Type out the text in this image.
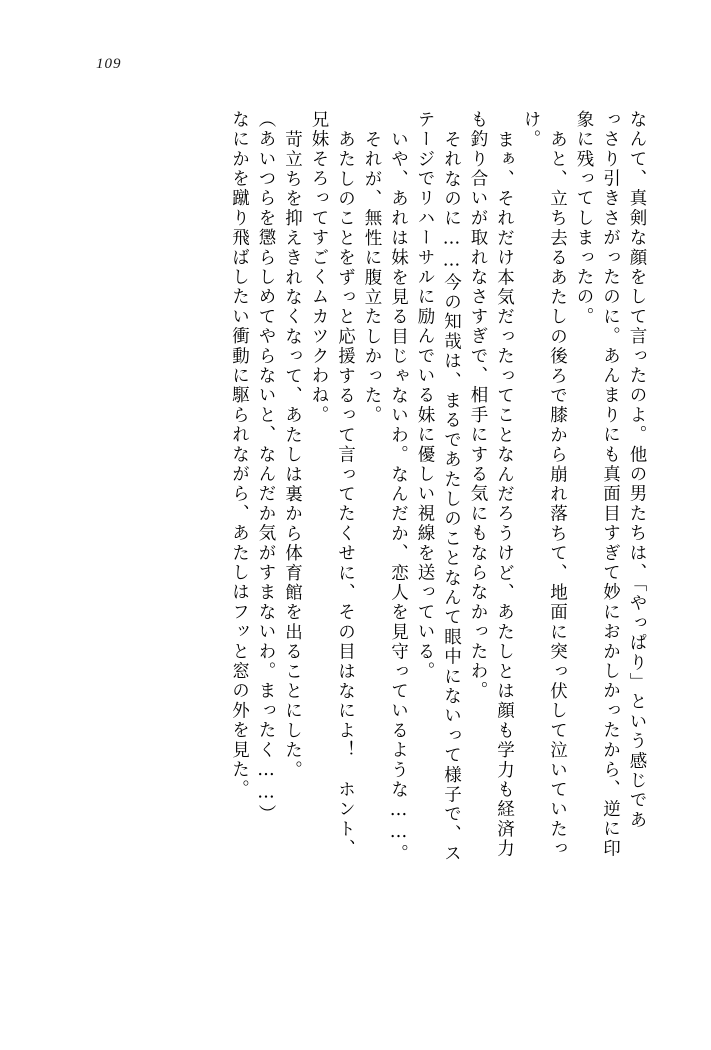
109
なんて、真剣な顔をして言ったのよ。他の男たちは、「やっぱり」という感じであ
っさり引きさがったのに。あんまりにも真面目すぎて妙におかしかったから、逆に印
象に残ってしまったの。
あと、立ち去るあたしの後ろで膝から崩れ落ちて、地面に突っ伏して泣いていたっ
け。
まぁ、それだけ本気だったってことなんだろうけど、あたしとは顔も学力も経済力
も釣り合いが取れなさすぎで、相手にする気にもならなかったわ。
それなのに……今の知哉は、まるであたしのことなんて眼中にないって様子で、ス
テージでリハーサルに励んでいる妹に優しい視線を送っている。
いや、あれは妹を見る目じゃないわ。なんだか、恋人を見守っているような……。
それが、無性に腹立たしかった。
あたしのことをずっと応援するって言ってたくせに、その目はなによ！　ホント、
兄妹そろってすごくムカツクわね。
苛立ちを抑えきれなくなって、あたしは裏から体育館を出ることにした。
（あいつらを懲らしめてやらないと、なんだか気がすまないわ。まったく……）
なにかを蹴り飛ばしたい衝動に駆られながら、あたしはフッと窓の外を見た。
